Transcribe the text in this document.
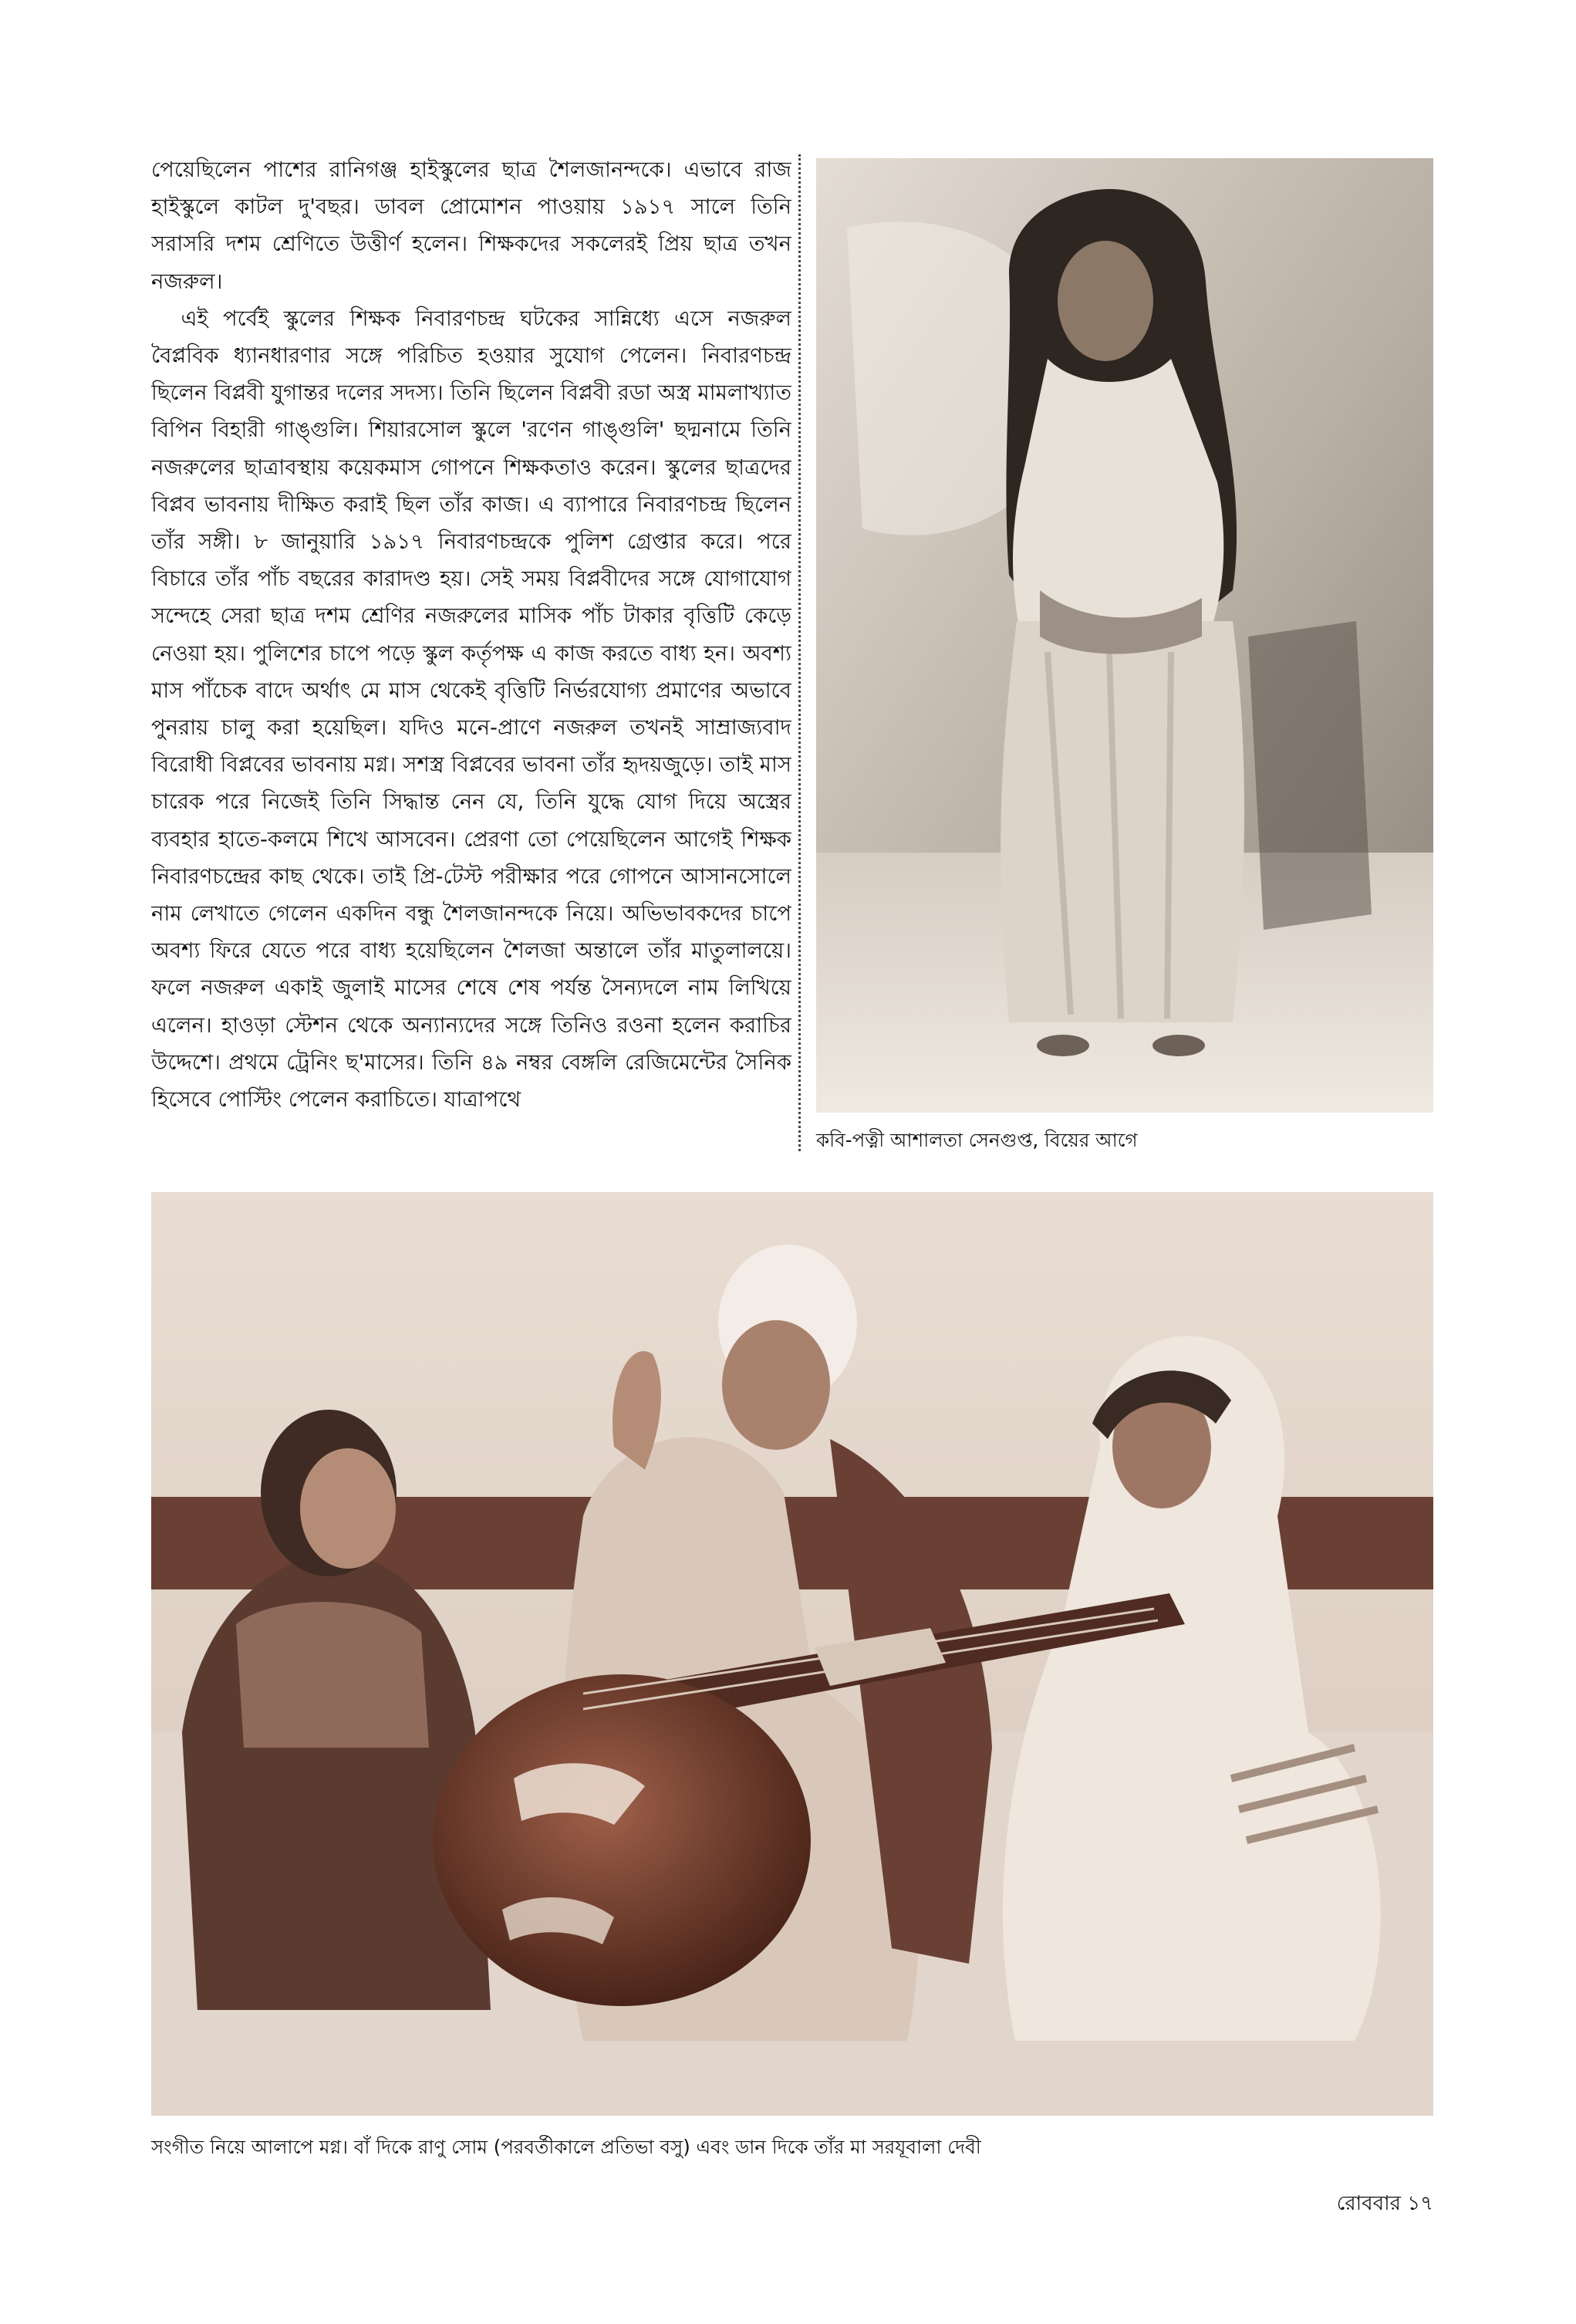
পেয়েছিলেন পাশের রানিগঞ্জ হাইস্কুলের ছাত্র শৈলজানন্দকে। এভাবে রাজ হাইস্কুলে কাটল দু'বছর। ডাবল প্রোমোশন পাওয়ায় ১৯১৭ সালে তিনি সরাসরি দশম শ্রেণিতে উত্তীর্ণ হলেন। শিক্ষকদের সকলেরই প্রিয় ছাত্র তখন নজরুল।

এই পর্বেই স্কুলের শিক্ষক নিবারণচন্দ্র ঘটকের সান্নিধ্যে এসে নজরুল বৈপ্লবিক ধ্যানধারণার সঙ্গে পরিচিত হওয়ার সুযোগ পেলেন। নিবারণচন্দ্র ছিলেন বিপ্লবী যুগান্তর দলের সদস্য। তিনি ছিলেন বিপ্লবী রডা অস্ত্র মামলাখ্যাত বিপিন বিহারী গাঙ্গুলি। শিয়ারসোল স্কুলে 'রণেন গাঙ্গুলি' ছদ্মনামে তিনি নজরুলের ছাত্রাবস্থায় কয়েকমাস গোপনে শিক্ষকতাও করেন। স্কুলের ছাত্রদের বিপ্লব ভাবনায় দীক্ষিত করাই ছিল তাঁর কাজ। এ ব্যাপারে নিবারণচন্দ্র ছিলেন তাঁর সঙ্গী। ৮ জানুয়ারি ১৯১৭ নিবারণচন্দ্রকে পুলিশ গ্রেপ্তার করে। পরে বিচারে তাঁর পাঁচ বছরের কারাদণ্ড হয়। সেই সময় বিপ্লবীদের সঙ্গে যোগাযোগ সন্দেহে সেরা ছাত্র দশম শ্রেণির নজরুলের মাসিক পাঁচ টাকার বৃত্তিটি কেড়ে নেওয়া হয়। পুলিশের চাপে পড়ে স্কুল কর্তৃপক্ষ এ কাজ করতে বাধ্য হন। অবশ্য মাস পাঁচেক বাদে অর্থাৎ মে মাস থেকেই বৃত্তিটি নির্ভরযোগ্য প্রমাণের অভাবে পুনরায় চালু করা হয়েছিল। যদিও মনে-প্রাণে নজরুল তখনই সাম্রাজ্যবাদ বিরোধী বিপ্লবের ভাবনায় মগ্ন। সশস্ত্র বিপ্লবের ভাবনা তাঁর হৃদয়জুড়ে। তাই মাস চারেক পরে নিজেই তিনি সিদ্ধান্ত নেন যে, তিনি যুদ্ধে যোগ দিয়ে অস্ত্রের ব্যবহার হাতে-কলমে শিখে আসবেন। প্রেরণা তো পেয়েছিলেন আগেই শিক্ষক নিবারণচন্দ্রের কাছ থেকে। তাই প্রি-টেস্ট পরীক্ষার পরে গোপনে আসানসোলে নাম লেখাতে গেলেন একদিন বন্ধু শৈলজানন্দকে নিয়ে। অভিভাবকদের চাপে অবশ্য ফিরে যেতে পরে বাধ্য হয়েছিলেন শৈলজা অন্তালে তাঁর মাতুলালয়ে। ফলে নজরুল একাই জুলাই মাসের শেষে শেষ পর্যন্ত সৈন্যদলে নাম লিখিয়ে এলেন। হাওড়া স্টেশন থেকে অন্যান্যদের সঙ্গে তিনিও রওনা হলেন করাচির উদ্দেশে। প্রথমে ট্রেনিং ছ'মাসের। তিনি ৪৯ নম্বর বেঙ্গলি রেজিমেন্টের সৈনিক হিসেবে পোস্টিং পেলেন করাচিতে। যাত্রাপথে

কবি-পত্নী আশালতা সেনগুপ্ত, বিয়ের আগে
সংগীত নিয়ে আলাপে মগ্ন। বাঁ দিকে রাণু সোম (পরবর্তীকালে প্রতিভা বসু) এবং ডান দিকে তাঁর মা সরযূবালা দেবী
রোববার ১৭
